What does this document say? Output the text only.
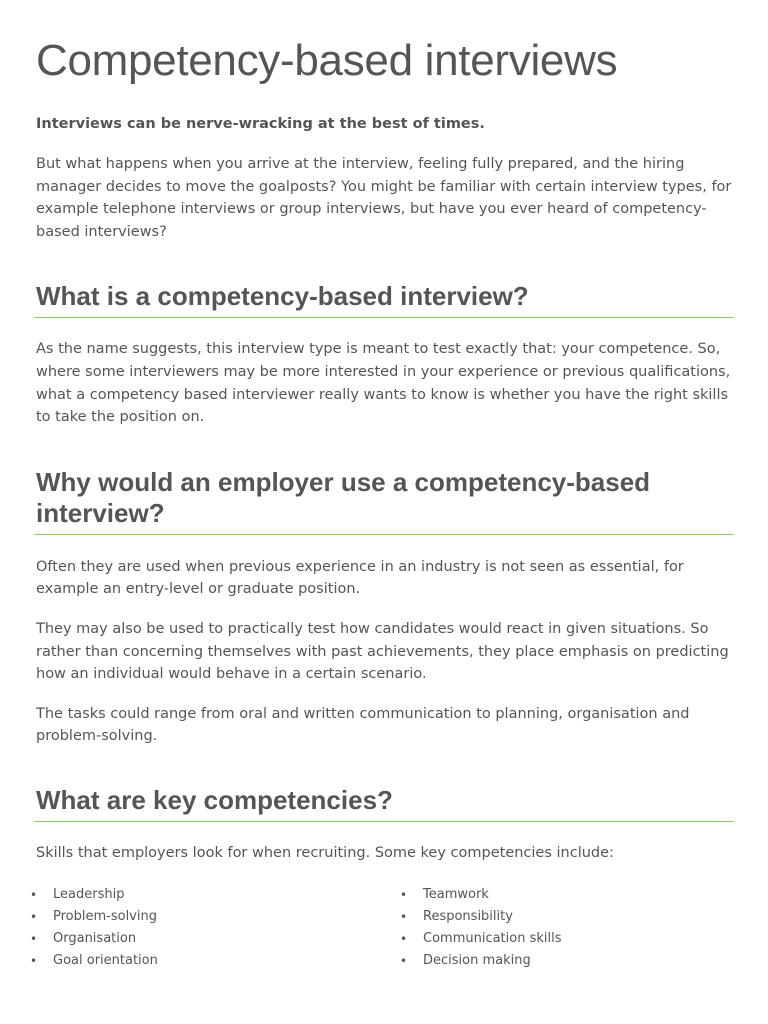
Competency-based interviews

Interviews can be nerve-wracking at the best of times.

But what happens when you arrive at the interview, feeling fully prepared, and the hiring manager decides to move the goalposts? You might be familiar with certain interview types, for example telephone interviews or group interviews, but have you ever heard of competency-based interviews?

What is a competency-based interview?

As the name suggests, this interview type is meant to test exactly that: your competence. So, where some interviewers may be more interested in your experience or previous qualifications, what a competency based interviewer really wants to know is whether you have the right skills to take the position on.

Why would an employer use a competency-based interview?

Often they are used when previous experience in an industry is not seen as essential, for example an entry-level or graduate position.

They may also be used to practically test how candidates would react in given situations. So rather than concerning themselves with past achievements, they place emphasis on predicting how an individual would behave in a certain scenario.

The tasks could range from oral and written communication to planning, organisation and problem-solving.

What are key competencies?

Skills that employers look for when recruiting. Some key competencies include:

• Leadership
• Problem-solving
• Organisation
• Goal orientation
• Teamwork
• Responsibility
• Communication skills
• Decision making
